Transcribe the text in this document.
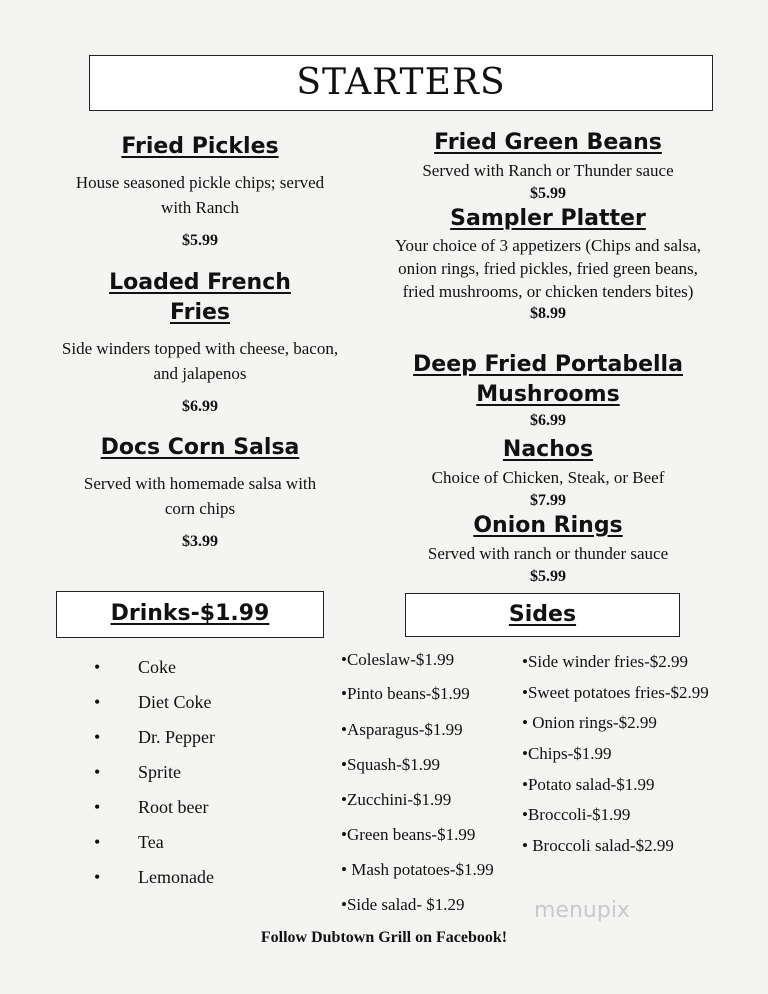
STARTERS
Fried Pickles
House seasoned pickle chips; served with Ranch
$5.99
Loaded French Fries
Side winders topped with cheese, bacon, and jalapenos
$6.99
Docs Corn Salsa
Served with homemade salsa with corn chips
$3.99
Fried Green Beans
Served with Ranch or Thunder sauce
$5.99
Sampler Platter
Your choice of 3 appetizers (Chips and salsa, onion rings, fried pickles, fried green beans, fried mushrooms, or chicken tenders bites)
$8.99
Deep Fried Portabella Mushrooms
$6.99
Nachos
Choice of Chicken, Steak, or Beef
$7.99
Onion Rings
Served with ranch or thunder sauce
$5.99
Drinks-$1.99
• Coke
• Diet Coke
• Dr. Pepper
• Sprite
• Root beer
• Tea
• Lemonade
Sides
•Coleslaw-$1.99
•Pinto beans-$1.99
•Asparagus-$1.99
•Squash-$1.99
•Zucchini-$1.99
•Green beans-$1.99
• Mash potatoes-$1.99
•Side salad- $1.29
•Side winder fries-$2.99
•Sweet potatoes fries-$2.99
• Onion rings-$2.99
•Chips-$1.99
•Potato salad-$1.99
•Broccoli-$1.99
• Broccoli salad-$2.99
menupix
Follow Dubtown Grill on Facebook!
